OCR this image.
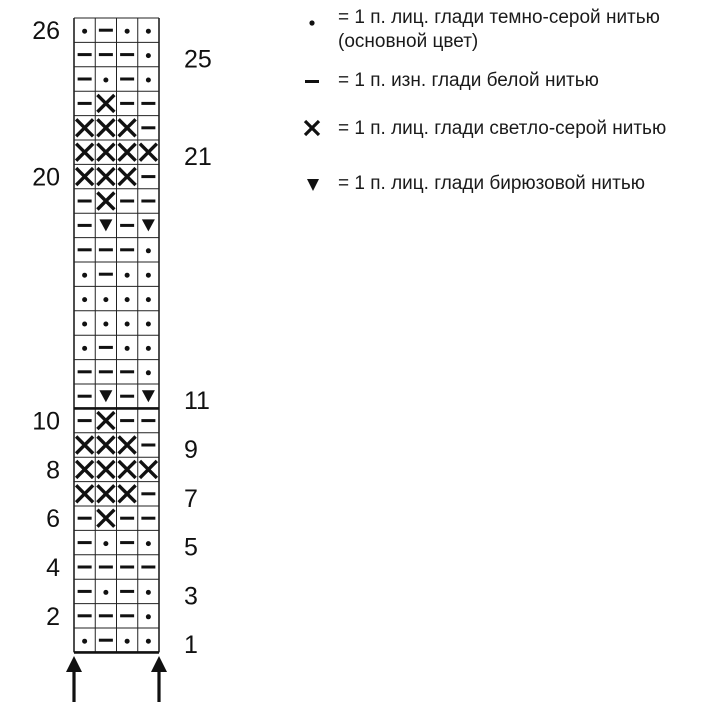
2
4
6
8
10
20
26
1
3
5
7
9
11
21
25
= 1 п. лиц. глади темно-серой нитью
(основной цвет)
= 1 п. изн. глади белой нитью
= 1 п. лиц. глади светло-серой нитью
= 1 п. лиц. глади бирюзовой нитью
